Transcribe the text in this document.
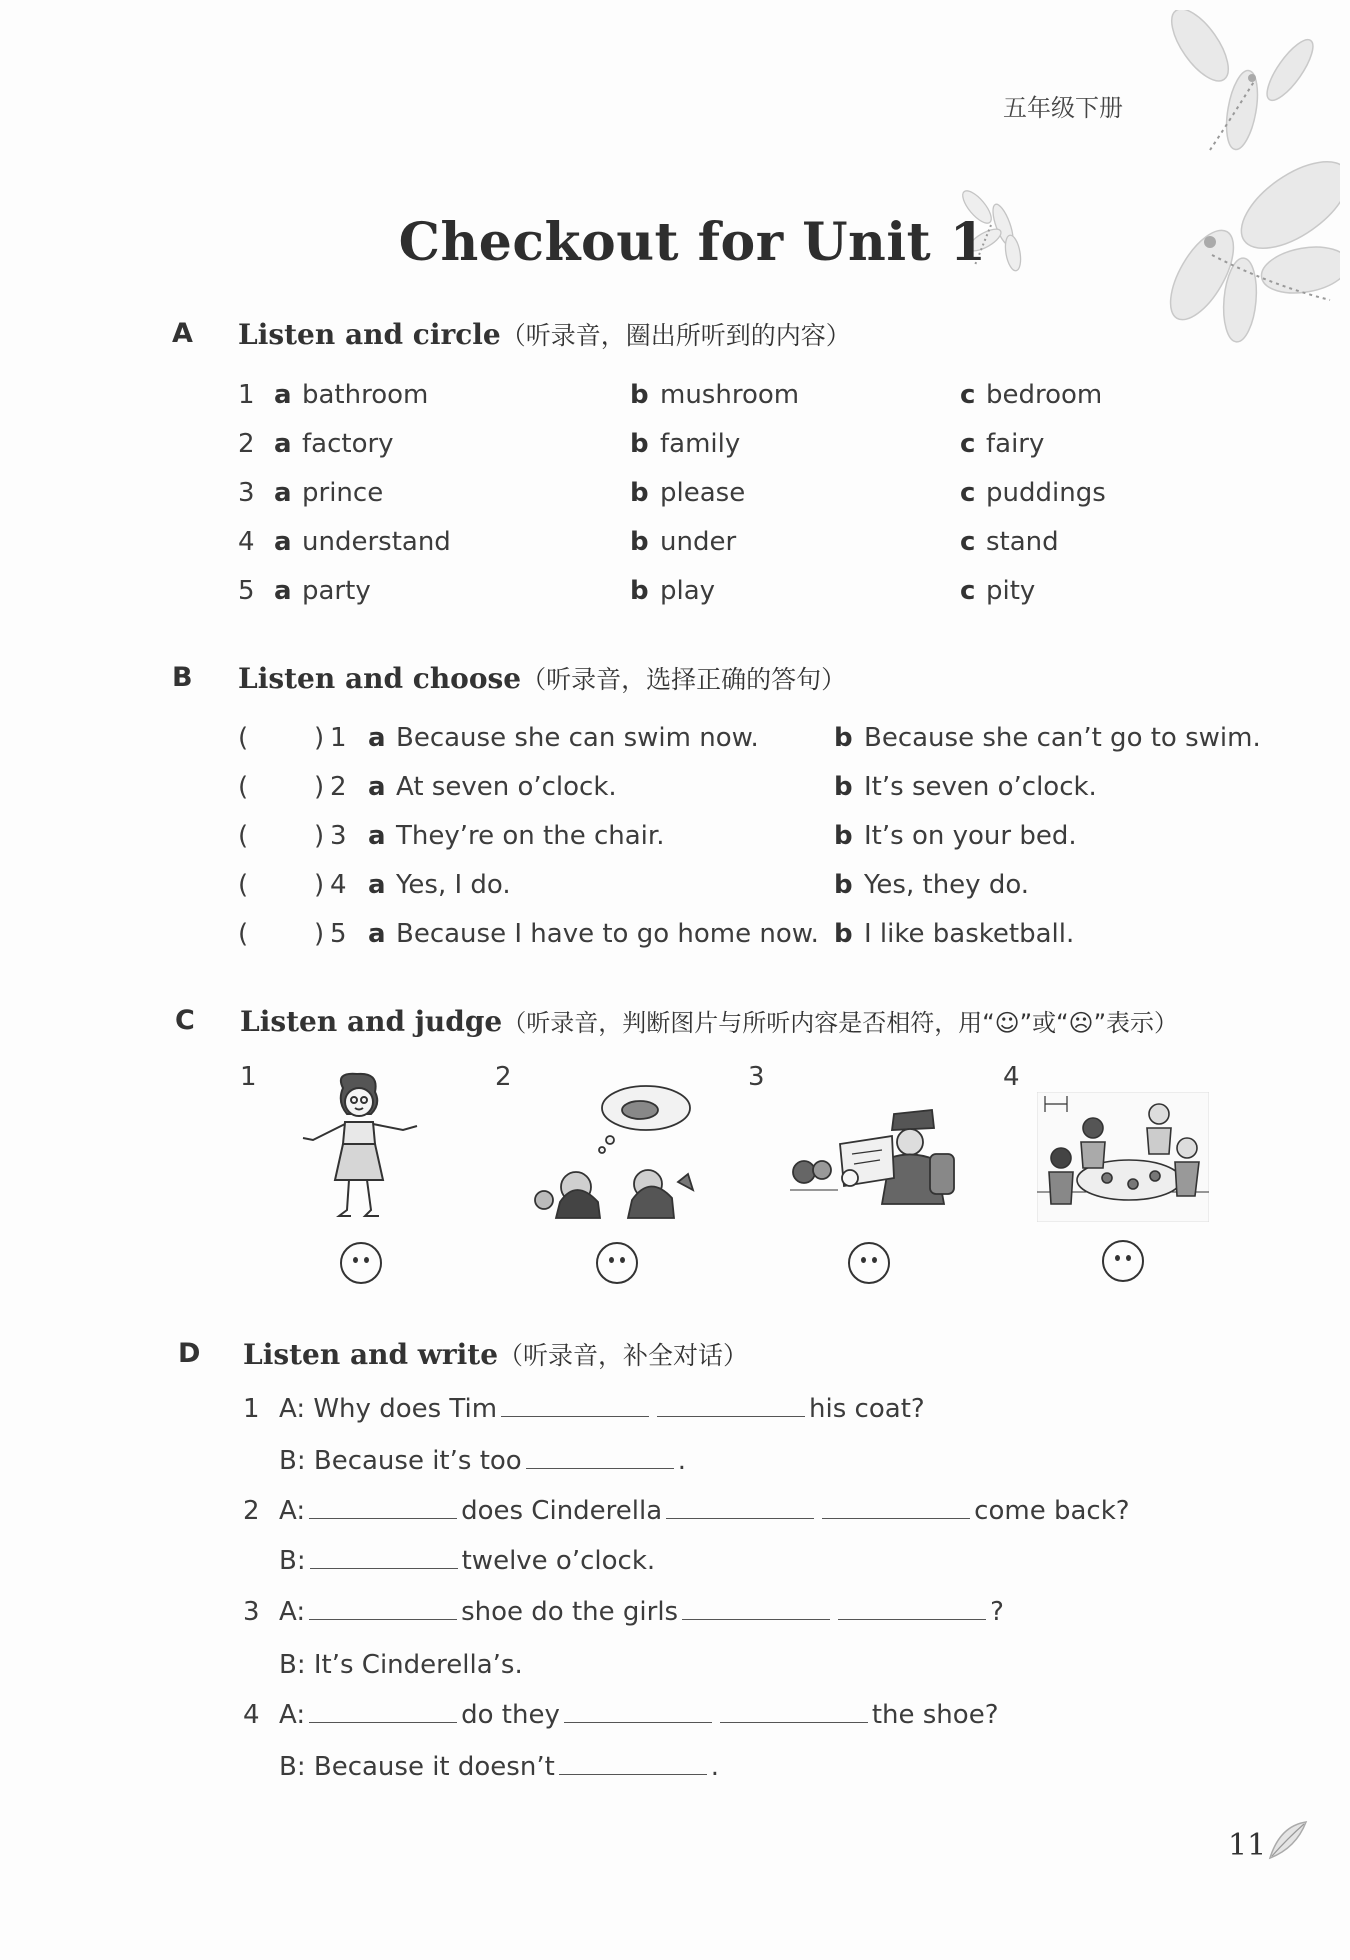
五年级下册
Checkout for Unit 1
A Listen and circle（听录音，圈出所听到的内容）
1 a bathroom	b mushroom	c bedroom
2 a factory	b family	c fairy
3 a prince	b please	c puddings
4 a understand	b under	c stand
5 a party	b play	c pity
B Listen and choose（听录音，选择正确的答句）
(	) 1 a Because she can swim now.	b Because she can’t go to swim.
(	) 2 a At seven o’clock.	b It’s seven o’clock.
(	) 3 a They’re on the chair.	b It’s on your bed.
(	) 4 a Yes, I do.	b Yes, they do.
(	) 5 a Because I have to go home now. b I like basketball.
C Listen and judge（听录音，判断图片与所听内容是否相符，用“☺”或“☹”表示）
1	2	3	4
D Listen and write（听录音，补全对话）
1 A: Why does Tim	his coat?
B: Because it’s too	.
2 A:	does Cinderella	come back?
B:	twelve o’clock.
3 A:	shoe do the girls	?
B: It’s Cinderella’s.
4 A:	do they	the shoe?
B: Because it doesn’t	.
11
